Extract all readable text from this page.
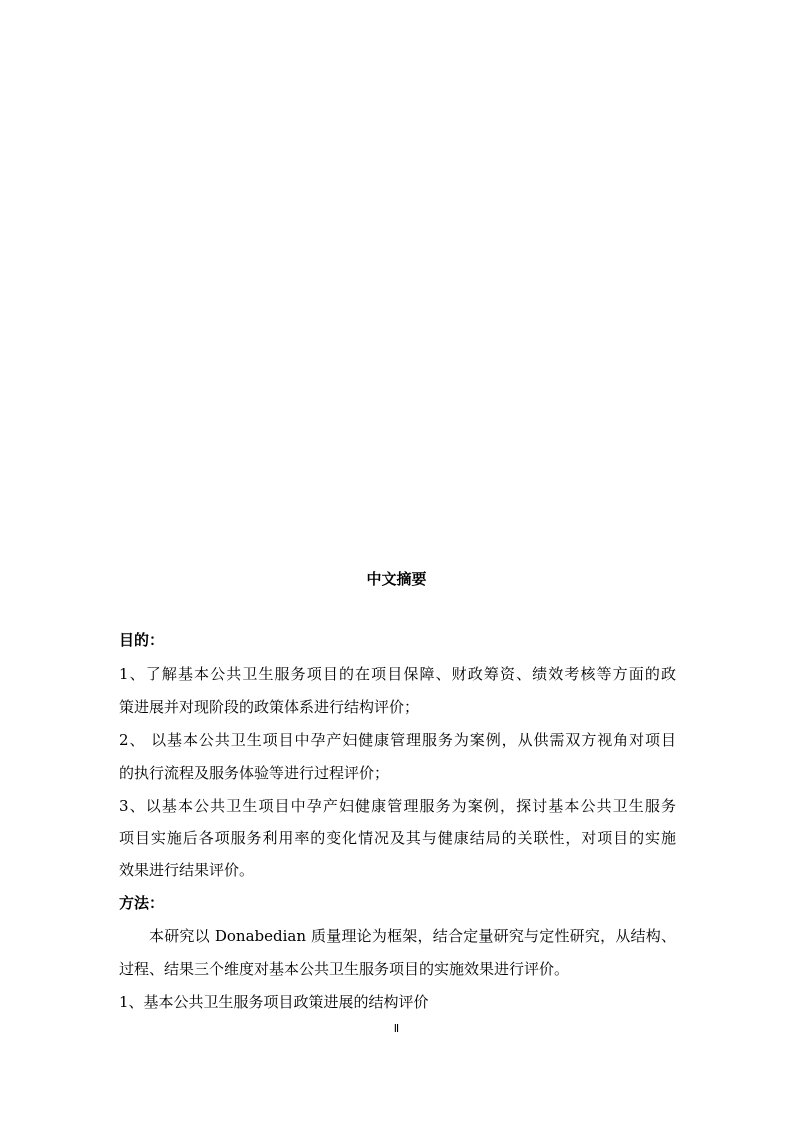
中文摘要
目的：
1、了解基本公共卫生服务项目的在项目保障、财政筹资、绩效考核等方面的政
策进展并对现阶段的政策体系进行结构评价；
2、 以基本公共卫生项目中孕产妇健康管理服务为案例，从供需双方视角对项目
的执行流程及服务体验等进行过程评价；
3、以基本公共卫生项目中孕产妇健康管理服务为案例，探讨基本公共卫生服务
项目实施后各项服务利用率的变化情况及其与健康结局的关联性，对项目的实施
效果进行结果评价。
方法：
本研究以 Donabedian 质量理论为框架，结合定量研究与定性研究，从结构、
过程、结果三个维度对基本公共卫生服务项目的实施效果进行评价。
1、基本公共卫生服务项目政策进展的结构评价
Ⅱ
